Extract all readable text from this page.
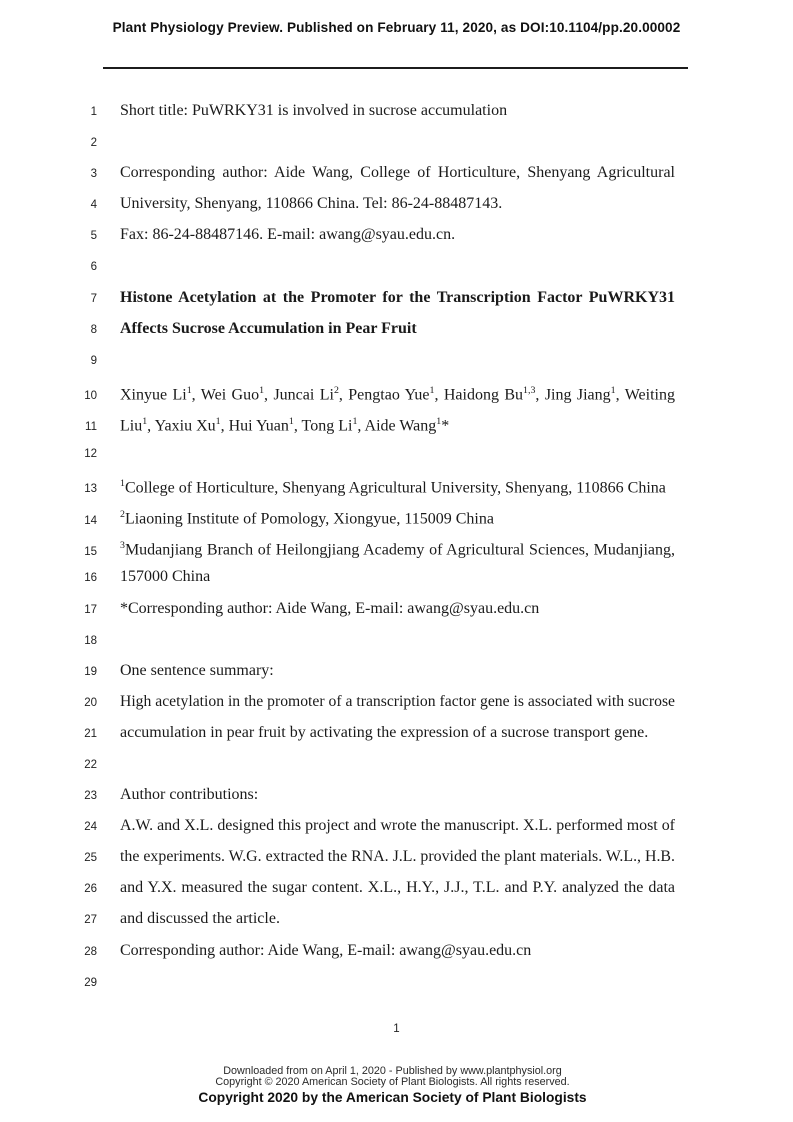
Plant Physiology Preview. Published on February 11, 2020, as DOI:10.1104/pp.20.00002
1 Short title: PuWRKY31 is involved in sucrose accumulation
2
3 Corresponding author: Aide Wang, College of Horticulture, Shenyang Agricultural
4 University, Shenyang, 110866 China. Tel: 86-24-88487143.
5 Fax: 86-24-88487146. E-mail: awang@syau.edu.cn.
6
7 Histone Acetylation at the Promoter for the Transcription Factor PuWRKY31
8 Affects Sucrose Accumulation in Pear Fruit
9
10 Xinyue Li$^1$, Wei Guo$^1$, Juncai Li$^2$, Pengtao Yue$^1$, Haidong Bu$^{1,3}$, Jing Jiang$^1$, Weiting
11 Liu$^1$, Yaxiu Xu$^1$, Hui Yuan$^1$, Tong Li$^1$, Aide Wang$^1$*
12
13 $^1$College of Horticulture, Shenyang Agricultural University, Shenyang, 110866 China
14 $^2$Liaoning Institute of Pomology, Xiongyue, 115009 China
15 $^3$Mudanjiang Branch of Heilongjiang Academy of Agricultural Sciences, Mudanjiang,
16 157000 China
17 *Corresponding author: Aide Wang, E-mail: awang@syau.edu.cn
18
19 One sentence summary:
20 High acetylation in the promoter of a transcription factor gene is associated with sucrose
21 accumulation in pear fruit by activating the expression of a sucrose transport gene.
22
23 Author contributions:
24 A.W. and X.L. designed this project and wrote the manuscript. X.L. performed most of
25 the experiments. W.G. extracted the RNA. J.L. provided the plant materials. W.L., H.B.
26 and Y.X. measured the sugar content. X.L., H.Y., J.J., T.L. and P.Y. analyzed the data
27 and discussed the article.
28 Corresponding author: Aide Wang, E-mail: awang@syau.edu.cn
29
1
Downloaded from on April 1, 2020 - Published by www.plantphysiol.org
Copyright © 2020 American Society of Plant Biologists. All rights reserved.
Copyright 2020 by the American Society of Plant Biologists
